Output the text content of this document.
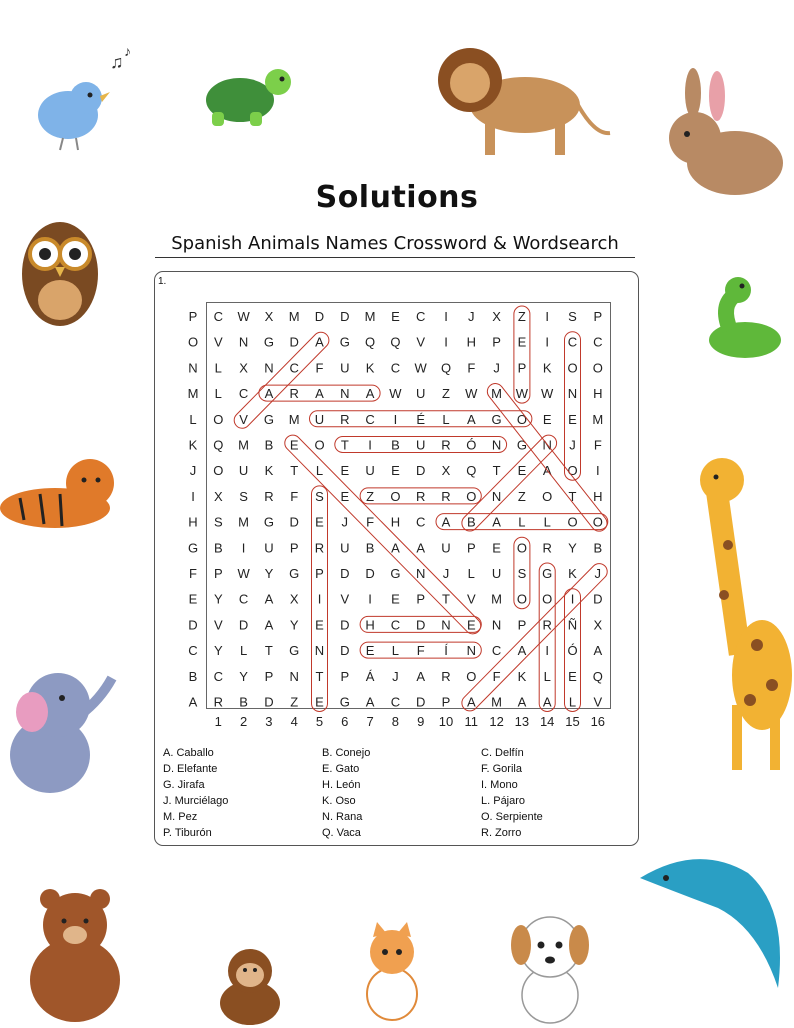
Solutions
Spanish Animals Names Crossword & Wordsearch
1.
P C W X M D D M E C I J X Z I S P
O V N G D A G Q Q V I H P E I C C
N L X N C F U K C W Q F J P K O O
M L C A R A N A W U Z W M W W N H
L O V G M U R C I É L A G O E E M
K Q M B E O T I B U R Ó N G N J F
J O U K T L E U E D X Q T E A O I
I X S R F S E Z O R R O N Z O T H
H S M G D E J F H C A B A L L O O
G B I U P R U B A A U P E O R Y B
F P W Y G P D D G N J L U S G K J
E Y C A X I V I E P T V M O O I D
D V D A Y E D H C D N E N P R Ñ X
C Y L T G N D E L F Í N C A I Ó A
B C Y P N T P Á J A R O F K L E Q
A R B D Z E G A C D P A M A A L V
1 2 3 4 5 6 7 8 9 10 11 12 13 14 15 16
A. Caballo	B. Conejo	C. Delfín
D. Elefante	E. Gato	F. Gorila
G. Jirafa	H. León	I. Mono
J. Murciélago	K. Oso	L. Pájaro
M. Pez	N. Rana	O. Serpiente
P. Tiburón	Q. Vaca	R. Zorro
♫
♪
